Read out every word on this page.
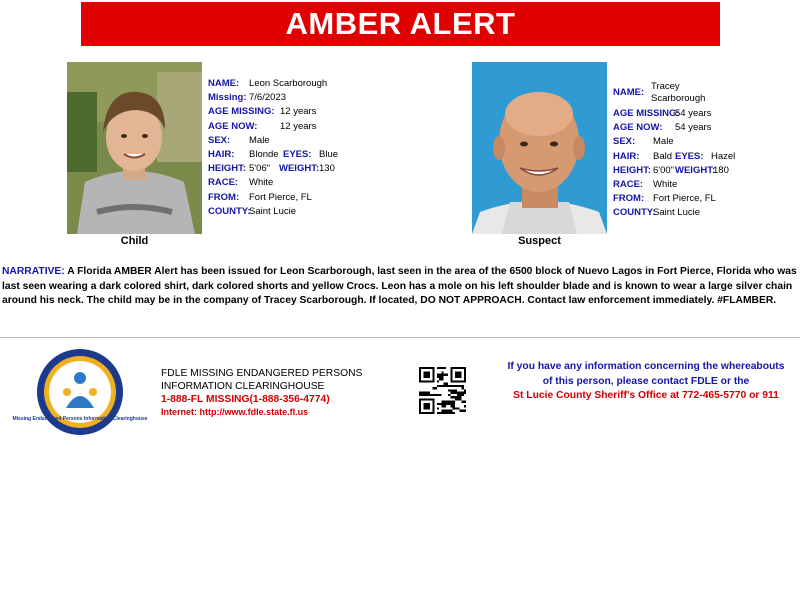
AMBER ALERT
Child
NAME:	Leon Scarborough
Missing: 7/6/2023
AGE MISSING: 12 years
AGE NOW:	12 years
SEX:	Male
HAIR:	Blonde EYES: Blue
HEIGHT: 5'06" WEIGHT: 130
RACE:	White
FROM:	Fort Pierce, FL
COUNTY:
Saint Lucie
Suspect
NAME:
Tracey
Scarborough
AGE MISSING:
54 years
AGE NOW:	54 years
SEX:	Male
HAIR:	Bald EYES: Hazel
HEIGHT: 6'00" WEIGHT:
180
RACE:	White
FROM: Fort Pierce, FL
COUNTY:
Saint Lucie
NARRATIVE: A Florida AMBER Alert has been issued for Leon Scarborough, last seen in the area of the 6500 block of Nuevo Lagos in Fort Pierce, Florida who was last seen wearing a dark colored shirt, dark colored shorts and yellow Crocs. Leon has a mole on his left shoulder blade and is known to wear a large silver chain around his neck. The child may be in the company of Tracey Scarborough. If located, DO NOT APPROACH. Contact law enforcement immediately. #FLAMBER.
Missing Endangered Persons Information Clearinghouse
FDLE MISSING ENDANGERED PERSONS
INFORMATION CLEARINGHOUSE
1-888-FL MISSING(1-888-356-4774)
Internet: http://www.fdle.state.fl.us
If you have any information concerning the whereabouts
of this person, please contact FDLE or the
St Lucie County Sheriff's Office at 772-465-5770 or 911
